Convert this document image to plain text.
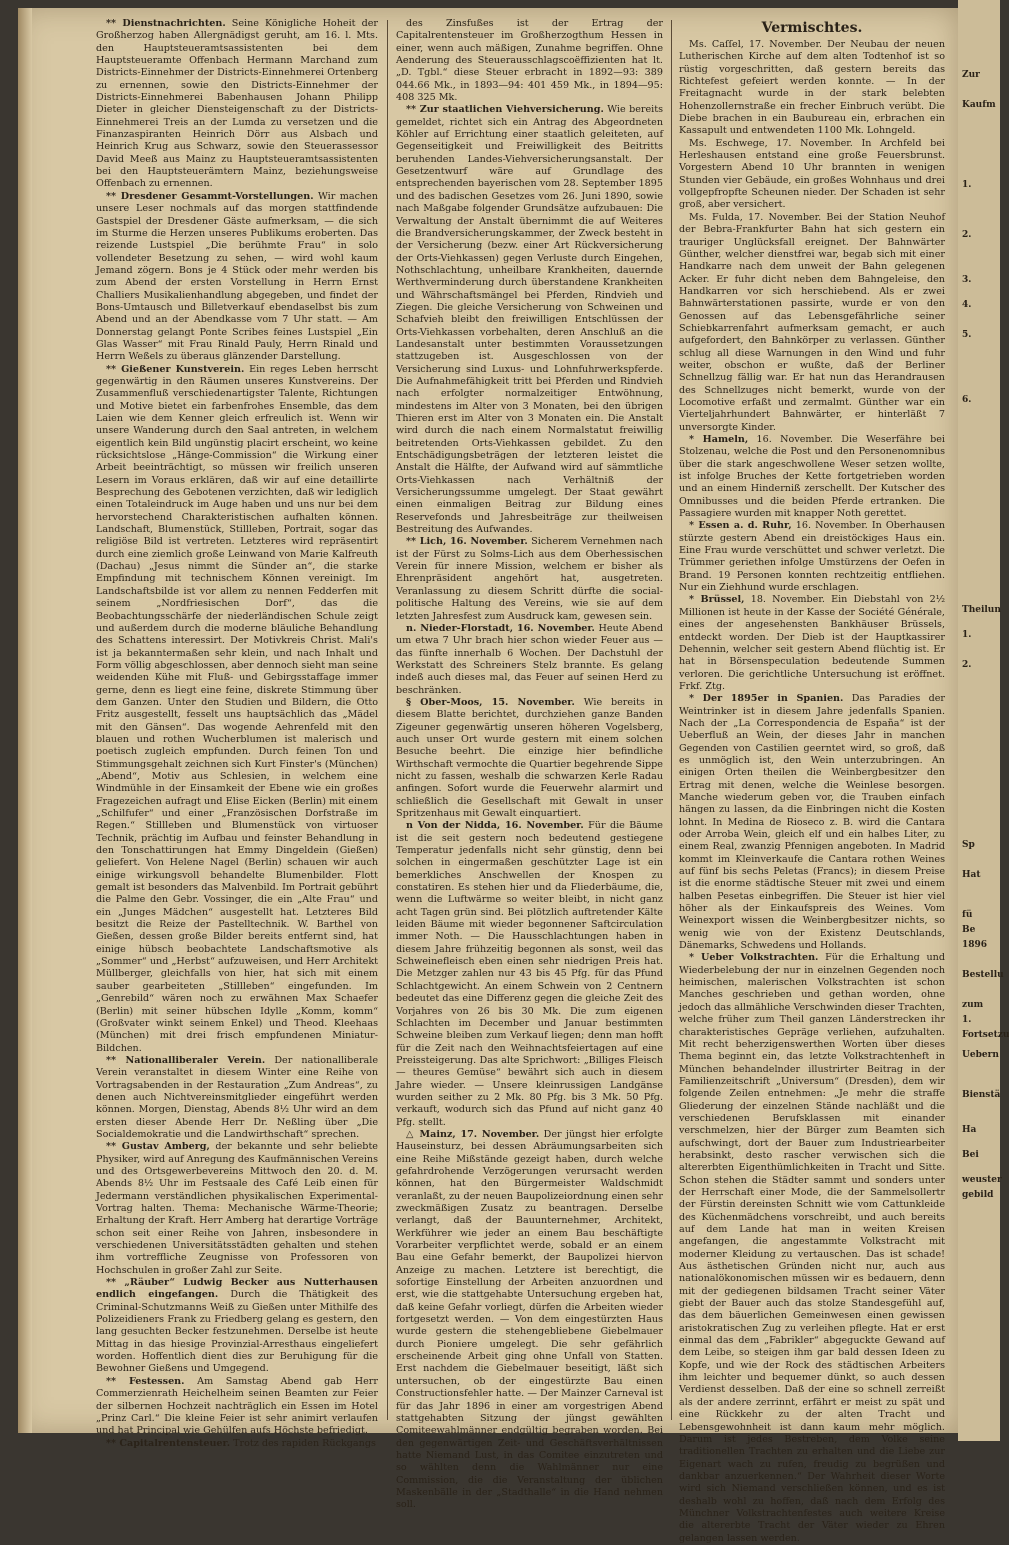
** Dienstnachrichten. Seine Königliche Hoheit der Großherzog haben Allergnädigst geruht, am 16. l. Mts. den Hauptsteueramtsassistenten bei dem Hauptsteueramte Offenbach Hermann Marchand zum Districts-Einnehmer der Districts-Einnehmerei Ortenberg zu ernennen, sowie den Districts-Einnehmer der Districts-Einnehmerei Babenhausen Johann Philipp Dieter in gleicher Diensteigenschaft zu der Districts-Einnehmerei Treis an der Lumda zu versetzen und die Finanzaspiranten Heinrich Dörr aus Alsbach und Heinrich Krug aus Schwarz, sowie den Steuerassessor David Meeß aus Mainz zu Hauptsteueramtsassistenten bei den Hauptsteuerämtern Mainz, beziehungsweise Offenbach zu ernennen.

** Dresdener Gesammt-Vorstellungen. Wir machen unsere Leser nochmals auf das morgen stattfindende Gastspiel der Dresdener Gäste aufmerksam, — die sich im Sturme die Herzen unseres Publikums eroberten. Das reizende Lustspiel „Die berühmte Frau“ in solo vollendeter Besetzung zu sehen, — wird wohl kaum Jemand zögern. Bons je 4 Stück oder mehr werden bis zum Abend der ersten Vorstellung in Herrn Ernst Challiers Musikalienhandlung abgegeben, und findet der Bons-Umtausch und Billetverkauf ebendaselbst bis zum Abend und an der Abendkasse vom 7 Uhr statt. — Am Donnerstag gelangt Ponte Scribes feines Lustspiel „Ein Glas Wasser“ mit Frau Rinald Pauly, Herrn Rinald und Herrn Weßels zu überaus glänzender Darstellung.

** Gießener Kunstverein. Ein reges Leben herrscht gegenwärtig in den Räumen unseres Kunstvereins. Der Zusammenfluß verschiedenartigster Talente, Richtungen und Motive bietet ein farbenfrohes Ensemble, das dem Laien wie dem Kenner gleich erfreulich ist. Wenn wir unsere Wanderung durch den Saal antreten, in welchem eigentlich kein Bild ungünstig placirt erscheint, wo keine rücksichtslose „Hänge-Commission“ die Wirkung einer Arbeit beeinträchtigt, so müssen wir freilich unseren Lesern im Voraus erklären, daß wir auf eine detaillirte Besprechung des Gebotenen verzichten, daß wir lediglich einen Totaleindruck im Auge haben und uns nur bei dem hervorstechend Charakteristischen aufhalten können. Landschaft, Blumenstück, Stillleben, Portrait, sogar das religiöse Bild ist vertreten. Letzteres wird repräsentirt durch eine ziemlich große Leinwand von Marie Kalfreuth (Dachau) „Jesus nimmt die Sünder an“, die starke Empfindung mit technischem Können vereinigt. Im Landschaftsbilde ist vor allem zu nennen Fedderfen mit seinem „Nordfriesischen Dorf“, das die Beobachtungsschärfe der niederländischen Schule zeigt und außerdem durch die moderne bläuliche Behandlung des Schattens interessirt. Der Motivkreis Christ. Mali's ist ja bekanntermaßen sehr klein, und nach Inhalt und Form völlig abgeschlossen, aber dennoch sieht man seine weidenden Kühe mit Fluß- und Gebirgsstaffage immer gerne, denn es liegt eine feine, diskrete Stimmung über dem Ganzen. Unter den Studien und Bildern, die Otto Fritz ausgestellt, fesselt uns hauptsächlich das „Mädel mit den Gänsen“. Das wogende Aehrenfeld mit den blauen und rothen Wucherblumen ist malerisch und poetisch zugleich empfunden. Durch feinen Ton und Stimmungsgehalt zeichnen sich Kurt Finster's (München) „Abend“, Motiv aus Schlesien, in welchem eine Windmühle in der Einsamkeit der Ebene wie ein großes Fragezeichen aufragt und Elise Eicken (Berlin) mit einem „Schilfufer“ und einer „Französischen Dorfstraße im Regen.“ Stillleben und Blumenstück von virtuoser Technik, prächtig im Aufbau und feinster Behandlung in den Tonschattirungen hat Emmy Dingeldein (Gießen) geliefert. Von Helene Nagel (Berlin) schauen wir auch einige wirkungsvoll behandelte Blumenbilder. Flott gemalt ist besonders das Malvenbild. Im Portrait gebührt die Palme den Gebr. Vossinger, die ein „Alte Frau“ und ein „Junges Mädchen“ ausgestellt hat. Letzteres Bild besitzt die Reize der Pastelltechnik. W. Barthel von Gießen, dessen große Bilder bereits entfernt sind, hat einige hübsch beobachtete Landschaftsmotive als „Sommer“ und „Herbst“ aufzuweisen, und Herr Architekt Müllberger, gleichfalls von hier, hat sich mit einem sauber gearbeiteten „Stillleben“ eingefunden. Im „Genrebild“ wären noch zu erwähnen Max Schaefer (Berlin) mit seiner hübschen Idylle „Komm, komm“ (Großvater winkt seinem Enkel) und Theod. Kleehaas (München) mit drei frisch empfundenen Miniatur-Bildchen.

** Nationalliberaler Verein. Der nationalliberale Verein veranstaltet in diesem Winter eine Reihe von Vortragsabenden in der Restauration „Zum Andreas“, zu denen auch Nichtvereinsmitglieder eingeführt werden können. Morgen, Dienstag, Abends 8½ Uhr wird an dem ersten dieser Abende Herr Dr. Neßling über „Die Socialdemokratie und die Landwirthschaft“ sprechen.

** Gustav Amberg, der bekannte und sehr beliebte Physiker, wird auf Anregung des Kaufmännischen Vereins und des Ortsgewerbevereins Mittwoch den 20. d. M. Abends 8½ Uhr im Festsaale des Café Leib einen für Jedermann verständlichen physikalischen Experimental-Vortrag halten. Thema: Mechanische Wärme-Theorie; Erhaltung der Kraft. Herr Amberg hat derartige Vorträge schon seit einer Reihe von Jahren, insbesondere in verschiedenen Universitätsstädten gehalten und stehen ihm vortreffliche Zeugnisse von Professoren von Hochschulen in großer Zahl zur Seite.

** „Räuber“ Ludwig Becker aus Nutterhausen endlich eingefangen. Durch die Thätigkeit des Criminal-Schutzmanns Weiß zu Gießen unter Mithilfe des Polizeidieners Frank zu Friedberg gelang es gestern, den lang gesuchten Becker festzunehmen. Derselbe ist heute Mittag in das hiesige Provinzial-Arresthaus eingeliefert worden. Hoffentlich dient dies zur Beruhigung für die Bewohner Gießens und Umgegend.

** Festessen. Am Samstag Abend gab Herr Commerzienrath Heichelheim seinen Beamten zur Feier der silbernen Hochzeit nachträglich ein Essen im Hotel „Prinz Carl.“ Die kleine Feier ist sehr animirt verlaufen und hat Principal wie Gehülfen aufs Höchste befriedigt.

** Capitalrentensteuer. Trotz des rapiden Rückgangs

des Zinsfußes ist der Ertrag der Capitalrentensteuer im Großherzogthum Hessen in einer, wenn auch mäßigen, Zunahme begriffen. Ohne Aenderung des Steuerausschlagscoëffizienten hat lt. „D. Tgbl.“ diese Steuer erbracht in 1892—93: 389 044.66 Mk., in 1893—94: 401 459 Mk., in 1894—95: 408 325 Mk.

** Zur staatlichen Viehversicherung. Wie bereits gemeldet, richtet sich ein Antrag des Abgeordneten Köhler auf Errichtung einer staatlich geleiteten, auf Gegenseitigkeit und Freiwilligkeit des Beitritts beruhenden Landes-Viehversicherungsanstalt. Der Gesetzentwurf wäre auf Grundlage des entsprechenden bayerischen vom 28. September 1895 und des badischen Gesetzes vom 26. Juni 1890, sowie nach Maßgabe folgender Grundsätze aufzubauen: Die Verwaltung der Anstalt übernimmt die auf Weiteres die Brandversicherungskammer, der Zweck besteht in der Versicherung (bezw. einer Art Rückversicherung der Orts-Viehkassen) gegen Verluste durch Eingehen, Nothschlachtung, unheilbare Krankheiten, dauernde Werthverminderung durch überstandene Krankheiten und Währschaftsmängel bei Pferden, Rindvieh und Ziegen. Die gleiche Versicherung von Schweinen und Schafvieh bleibt den freiwilligen Entschlüssen der Orts-Viehkassen vorbehalten, deren Anschluß an die Landesanstalt unter bestimmten Voraussetzungen stattzugeben ist. Ausgeschlossen von der Versicherung sind Luxus- und Lohnfuhrwerkspferde. Die Aufnahmefähigkeit tritt bei Pferden und Rindvieh nach erfolgter normalzeitiger Entwöhnung, mindestens im Alter von 3 Monaten, bei den übrigen Thieren erst im Alter von 3 Monaten ein. Die Anstalt wird durch die nach einem Normalstatut freiwillig beitretenden Orts-Viehkassen gebildet. Zu den Entschädigungsbeträgen der letzteren leistet die Anstalt die Hälfte, der Aufwand wird auf sämmtliche Orts-Viehkassen nach Verhältniß der Versicherungssumme umgelegt. Der Staat gewährt einen einmaligen Beitrag zur Bildung eines Reservefonds und Jahresbeiträge zur theilweisen Bestreitung des Aufwandes.

** Lich, 16. November. Sicherem Vernehmen nach ist der Fürst zu Solms-Lich aus dem Oberhessischen Verein für innere Mission, welchem er bisher als Ehrenpräsident angehört hat, ausgetreten. Veranlassung zu diesem Schritt dürfte die social-politische Haltung des Vereins, wie sie auf dem letzten Jahresfest zum Ausdruck kam, gewesen sein.

n. Nieder-Florstadt, 16. November. Heute Abend um etwa 7 Uhr brach hier schon wieder Feuer aus — das fünfte innerhalb 6 Wochen. Der Dachstuhl der Werkstatt des Schreiners Stelz brannte. Es gelang indeß auch dieses mal, das Feuer auf seinen Herd zu beschränken.

§ Ober-Moos, 15. November. Wie bereits in diesem Blatte berichtet, durchziehen ganze Banden Zigeuner gegenwärtig unseren höheren Vogelsberg, auch unser Ort wurde gestern mit einem solchen Besuche beehrt. Die einzige hier befindliche Wirthschaft vermochte die Quartier begehrende Sippe nicht zu fassen, weshalb die schwarzen Kerle Radau anfingen. Sofort wurde die Feuerwehr alarmirt und schließlich die Gesellschaft mit Gewalt in unser Spritzenhaus mit Gewalt einquartiert.

n Von der Nidda, 16. November. Für die Bäume ist die seit gestern noch bedeutend gestiegene Temperatur jedenfalls nicht sehr günstig, denn bei solchen in eingermaßen geschützter Lage ist ein bemerkliches Anschwellen der Knospen zu constatiren. Es stehen hier und da Fliederbäume, die, wenn die Luftwärme so weiter bleibt, in nicht ganz acht Tagen grün sind. Bei plötzlich auftretender Kälte leiden Bäume mit wieder begonnener Saftcirculation immer Noth. — Die Hausschlachtungen haben in diesem Jahre frühzeitig begonnen als sonst, weil das Schweinefleisch eben einen sehr niedrigen Preis hat. Die Metzger zahlen nur 43 bis 45 Pfg. für das Pfund Schlachtgewicht. An einem Schwein von 2 Centnern bedeutet das eine Differenz gegen die gleiche Zeit des Vorjahres von 26 bis 30 Mk. Die zum eigenen Schlachten im December und Januar bestimmten Schweine bleiben zum Verkauf liegen; denn man hofft für die Zeit nach den Weihnachtsfeiertagen auf eine Preissteigerung. Das alte Sprichwort: „Billiges Fleisch — theures Gemüse“ bewährt sich auch in diesem Jahre wieder. — Unsere kleinrussigen Landgänse wurden seither zu 2 Mk. 80 Pfg. bis 3 Mk. 50 Pfg. verkauft, wodurch sich das Pfund auf nicht ganz 40 Pfg. stellt.

△ Mainz, 17. November. Der jüngst hier erfolgte Hauseinsturz, bei dessen Abräumungsarbeiten sich eine Reihe Mißstände gezeigt haben, durch welche gefahrdrohende Verzögerungen verursacht werden können, hat den Bürgermeister Waldschmidt veranlaßt, zu der neuen Baupolizeiordnung einen sehr zweckmäßigen Zusatz zu beantragen. Derselbe verlangt, daß der Bauunternehmer, Architekt, Werkführer wie jeder an einem Bau beschäftigte Vorarbeiter verpflichtet werde, sobald er an einem Bau eine Gefahr bemerkt, der Baupolizei hiervon Anzeige zu machen. Letztere ist berechtigt, die sofortige Einstellung der Arbeiten anzuordnen und erst, wie die stattgehabte Untersuchung ergeben hat, daß keine Gefahr vorliegt, dürfen die Arbeiten wieder fortgesetzt werden. — Von dem eingestürzten Haus wurde gestern die stehengebliebene Giebelmauer durch Pioniere umgelegt. Die sehr gefährlich erscheinende Arbeit ging ohne Unfall von Statten. Erst nachdem die Giebelmauer beseitigt, läßt sich untersuchen, ob der eingestürzte Bau einen Constructionsfehler hatte. — Der Mainzer Carneval ist für das Jahr 1896 in einer am vorgestrigen Abend stattgehabten Sitzung der jüngst gewählten Comiteewahlmänner endgültig begraben worden. Bei den gegenwärtigen Zeit- und Geschäftsverhältnissen hatte Niemand Lust, in das Comitee einzutreten und so wählten denn die Wahlmänner nur eine Commission, die die Veranstaltung der üblichen Maskenbälle in der „Stadthalle“ in die Hand nehmen soll.

Vermischtes.

Ms. Caſſel, 17. November. Der Neubau der neuen Lutherischen Kirche auf dem alten Todtenhof ist so rüstig vorgeschritten, daß gestern bereits das Richtefest gefeiert werden konnte. — In der Freitagnacht wurde in der stark belebten Hohenzollernstraße ein frecher Einbruch verübt. Die Diebe brachen in ein Baubureau ein, erbrachen ein Kassapult und entwendeten 1100 Mk. Lohngeld.

Ms. Eschwege, 17. November. In Archfeld bei Herleshausen entstand eine große Feuersbrunst. Vorgestern Abend 10 Uhr brannten in wenigen Stunden vier Gebäude, ein großes Wohnhaus und drei vollgepfropfte Scheunen nieder. Der Schaden ist sehr groß, aber versichert.

Ms. Fulda, 17. November. Bei der Station Neuhof der Bebra-Frankfurter Bahn hat sich gestern ein trauriger Unglücksfall ereignet. Der Bahnwärter Günther, welcher dienstfrei war, begab sich mit einer Handkarre nach dem unweit der Bahn gelegenen Acker. Er fuhr dicht neben dem Bahngeleise, den Handkarren vor sich herschiebend. Als er zwei Bahnwärterstationen passirte, wurde er von den Genossen auf das Lebensgefährliche seiner Schiebkarrenfahrt aufmerksam gemacht, er auch aufgefordert, den Bahnkörper zu verlassen. Günther schlug all diese Warnungen in den Wind und fuhr weiter, obschon er wußte, daß der Berliner Schnellzug fällig war. Er hat nun das Herandrausen des Schnellzuges nicht bemerkt, wurde von der Locomotive erfaßt und zermalmt. Günther war ein Vierteljahrhundert Bahnwärter, er hinterläßt 7 unversorgte Kinder.

* Hameln, 16. November. Die Weserfähre bei Stolzenau, welche die Post und den Personenomnibus über die stark angeschwollene Weser setzen wollte, ist infolge Bruches der Kette fortgetrieben worden und an einem Hinderniß zerschellt. Der Kutscher des Omnibusses und die beiden Pferde ertranken. Die Passagiere wurden mit knapper Noth gerettet.

* Essen a. d. Ruhr, 16. November. In Oberhausen stürzte gestern Abend ein dreistöckiges Haus ein. Eine Frau wurde verschüttet und schwer verletzt. Die Trümmer geriethen infolge Umstürzens der Oefen in Brand. 19 Personen konnten rechtzeitig entfliehen. Nur ein Ziehhund wurde erschlagen.

* Brüssel, 18. November. Ein Diebstahl von 2½ Millionen ist heute in der Kasse der Société Générale, eines der angesehensten Bankhäuser Brüssels, entdeckt worden. Der Dieb ist der Hauptkassirer Dehennin, welcher seit gestern Abend flüchtig ist. Er hat in Börsenspeculation bedeutende Summen verloren. Die gerichtliche Untersuchung ist eröffnet. Frkf. Ztg.

* Der 1895er in Spanien. Das Paradies der Weintrinker ist in diesem Jahre jedenfalls Spanien. Nach der „La Correspondencia de España“ ist der Ueberfluß an Wein, der dieses Jahr in manchen Gegenden von Castilien geerntet wird, so groß, daß es unmöglich ist, den Wein unterzubringen. An einigen Orten theilen die Weinbergbesitzer den Ertrag mit denen, welche die Weinlese besorgen. Manche wiederum geben vor, die Trauben einfach hängen zu lassen, da die Einbringen nicht die Kosten lohnt. In Medina de Rioseco z. B. wird die Cantara oder Arroba Wein, gleich elf und ein halbes Liter, zu einem Real, zwanzig Pfennigen angeboten. In Madrid kommt im Kleinverkaufe die Cantara rothen Weines auf fünf bis sechs Peletas (Francs); in diesem Preise ist die enorme städtische Steuer mit zwei und einem halben Pesetas einbegriffen. Die Steuer ist hier viel höher als der Einkaufspreis des Weines. Vom Weinexport wissen die Weinbergbesitzer nichts, so wenig wie von der Existenz Deutschlands, Dänemarks, Schwedens und Hollands.

* Ueber Volkstrachten. Für die Erhaltung und Wiederbelebung der nur in einzelnen Gegenden noch heimischen, malerischen Volkstrachten ist schon Manches geschrieben und gethan worden, ohne jedoch das allmähliche Verschwinden dieser Trachten, welche früher zum Theil ganzen Länderstrecken ihr charakteristisches Gepräge verliehen, aufzuhalten. Mit recht beherzigenswerthen Worten über dieses Thema beginnt ein, das letzte Volkstrachtenheft in München behandelnder illustrirter Beitrag in der Familienzeitschrift „Universum“ (Dresden), dem wir folgende Zeilen entnehmen: „Je mehr die straffe Gliederung der einzelnen Stände nachläßt und die verschiedenen Berufsklassen mit einander verschmelzen, hier der Bürger zum Beamten sich aufschwingt, dort der Bauer zum Industriearbeiter herabsinkt, desto rascher verwischen sich die altererbten Eigenthümlichkeiten in Tracht und Sitte. Schon stehen die Städter sammt und sonders unter der Herrschaft einer Mode, die der Sammelsollertr der Fürstin dereinsten Schnitt wie vom Cattunkleide des Küchenmädchens vorschreibt, und auch bereits auf dem Lande hat man in weiten Kreisen angefangen, die angestammte Volkstracht mit moderner Kleidung zu vertauschen. Das ist schade! Aus ästhetischen Gründen nicht nur, auch aus nationalökonomischen müssen wir es bedauern, denn mit der gediegenen bildsamen Tracht seiner Väter giebt der Bauer auch das stolze Standesgefühl auf, das dem bäuerlichen Gemeinwesen einen gewissen aristokratischen Zug zu verleihen pflegte. Hat er erst einmal das dem „Fabrikler“ abgeguckte Gewand auf dem Leibe, so steigen ihm gar bald dessen Ideen zu Kopfe, und wie der Rock des städtischen Arbeiters ihm leichter und bequemer dünkt, so auch dessen Verdienst desselben. Daß der eine so schnell zerreißt als der andere zerrinnt, erfährt er meist zu spät und eine Rückkehr zu der alten Tracht und Lebensgewohnheit ist dann kaum mehr möglich. Darum ist jedes Bestreben, dem Volke seine traditionellen Trachten zu erhalten und die Liebe zur Eigenart wach zu rufen, freudig zu begrüßen und dankbar anzuerkennen.“ Der Wahrheit dieser Worte wird sich Niemand verschließen können, und es ist deshalb wohl zu hoffen, daß nach dem Erfolg des Münchner Volkstrachtenfestes auch weitere Kreise die altererbte Tracht der Väter wieder zu Ehren gelangen lassen werden.

Zur
Kaufm
1.
2.
3.
4.
5.
6.
Theilun
1.
2.
Sp
Hat
fü
Be
1896
Bestellu
zum
1.
Fortsetzu
Uebern
Bienstä
Ha
Bei
weuster
gebild
